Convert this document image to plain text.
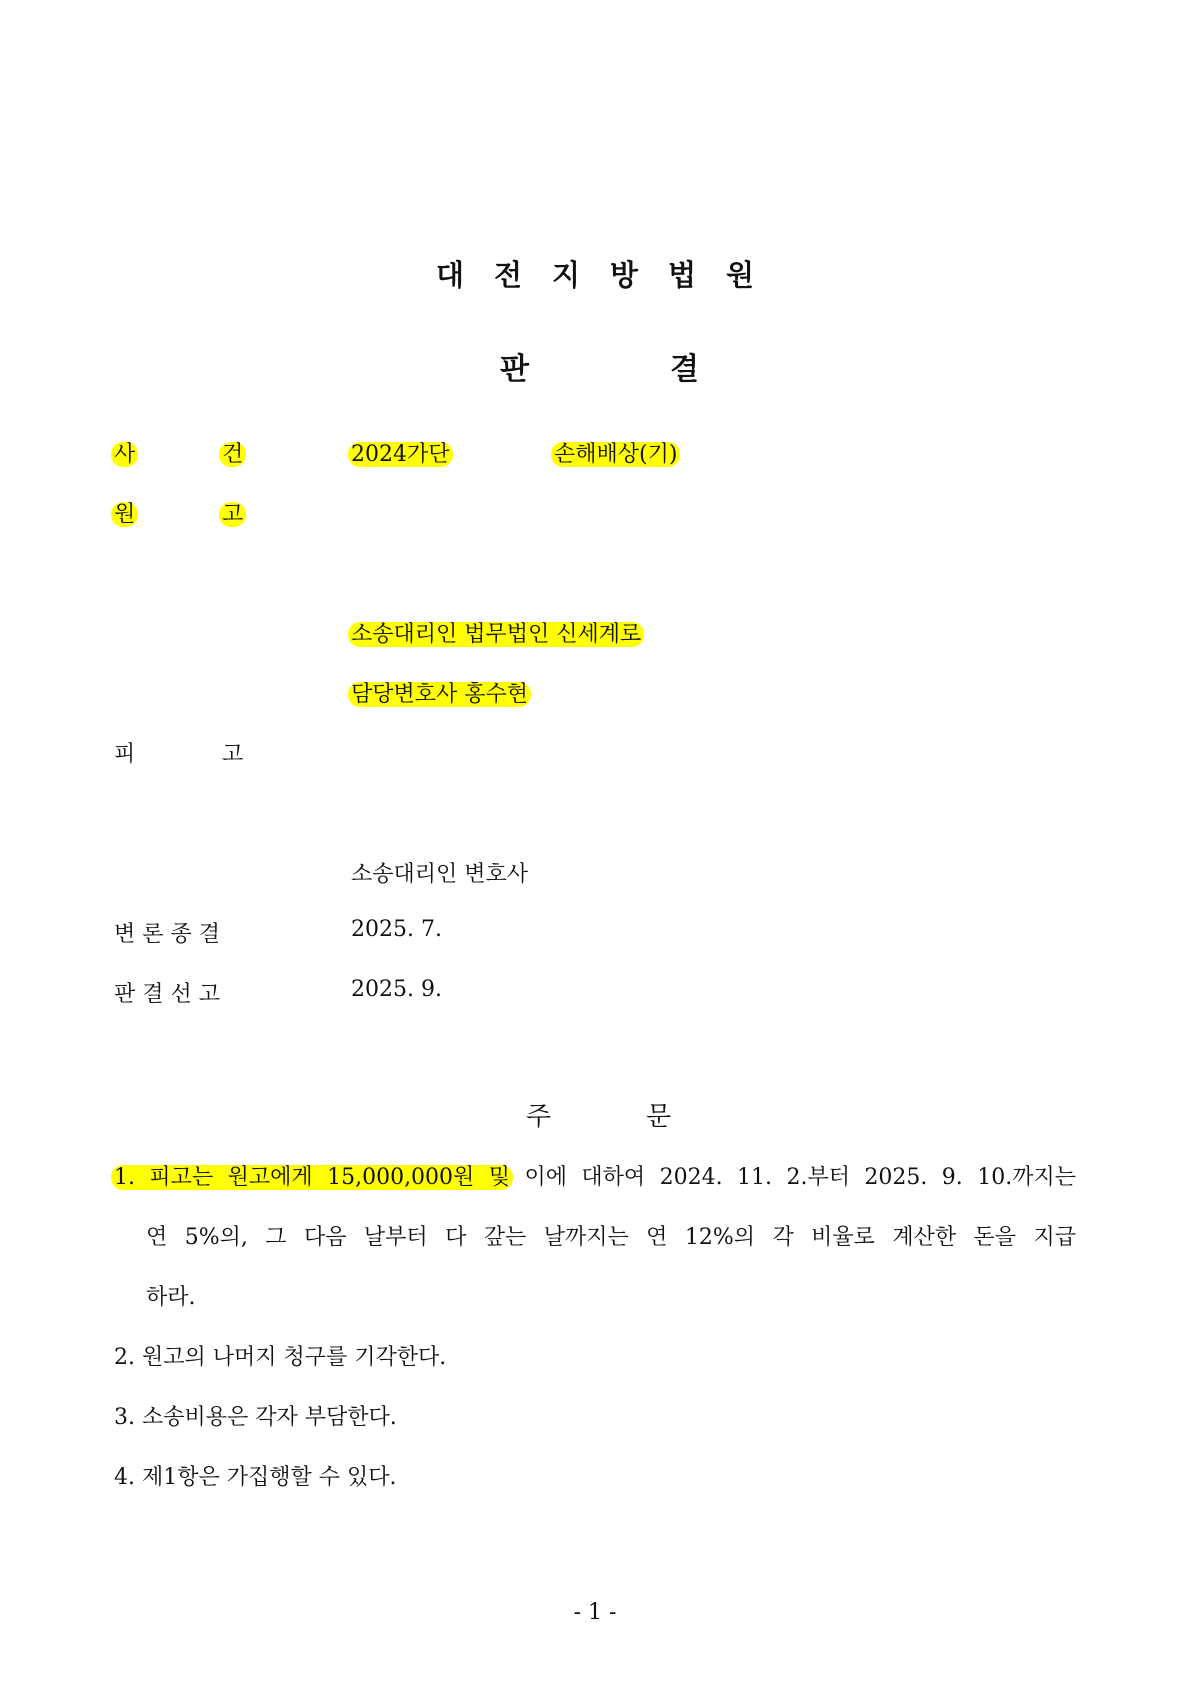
대전지방법원
판	결
사	건	2024가단	손해배상(기)
원	고
소송대리인 법무법인 신세계로
담당변호사 홍수현
피	고
소송대리인 변호사
변 론 종 결	2025. 7.
판 결 선 고	2025. 9.
주	문
1. 피고는 원고에게 15,000,000원 및 이에 대하여 2024. 11. 2.부터 2025. 9. 10.까지는
연 5%의, 그 다음 날부터 다 갚는 날까지는 연 12%의 각 비율로 계산한 돈을 지급
하라.
2. 원고의 나머지 청구를 기각한다.
3. 소송비용은 각자 부담한다.
4. 제1항은 가집행할 수 있다.
- 1 -
